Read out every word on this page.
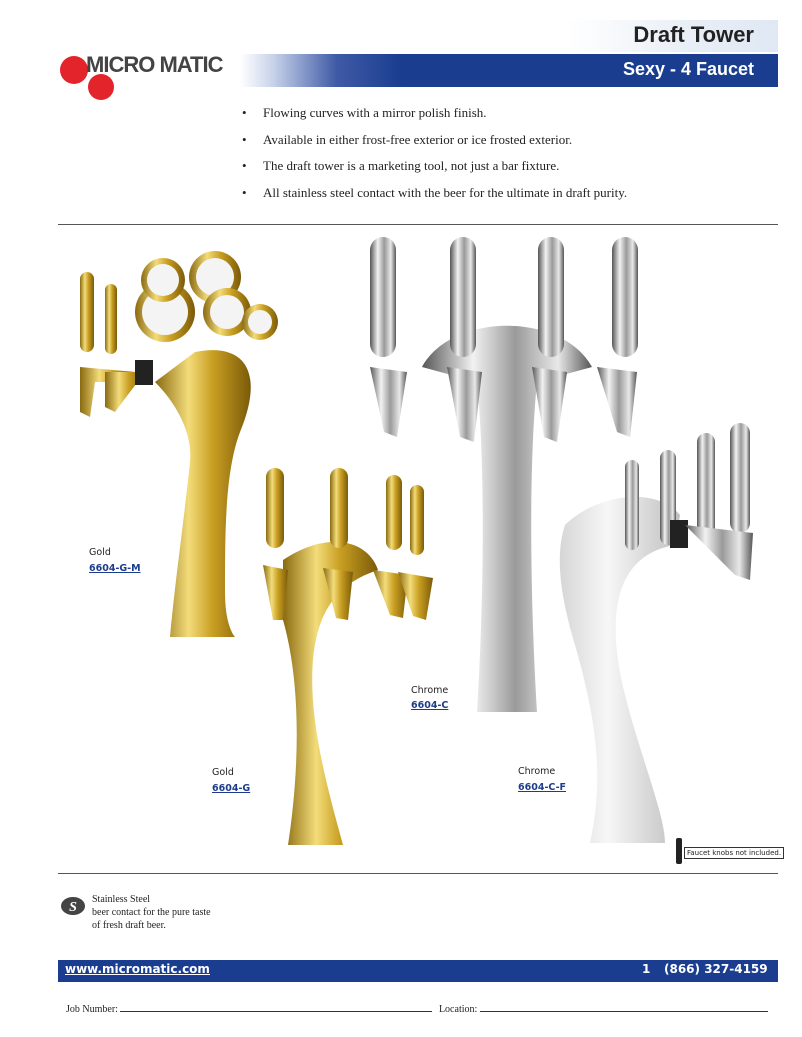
MICRO MATIC
Draft Tower
Sexy - 4 Faucet
• Flowing curves with a mirror polish finish.
• Available in either frost-free exterior or ice frosted exterior.
• The draft tower is a marketing tool, not just a bar fixture.
• All stainless steel contact with the beer for the ultimate in draft purity.
Gold
6604-G-M
Gold
6604-G
Chrome
6604-C
Chrome
6604-C-F
Faucet knobs not included.
S
Stainless Steel
beer contact for the pure taste
of fresh draft beer.
www.micromatic.com	1 (866) 327-4159
Job Number:	Location:
